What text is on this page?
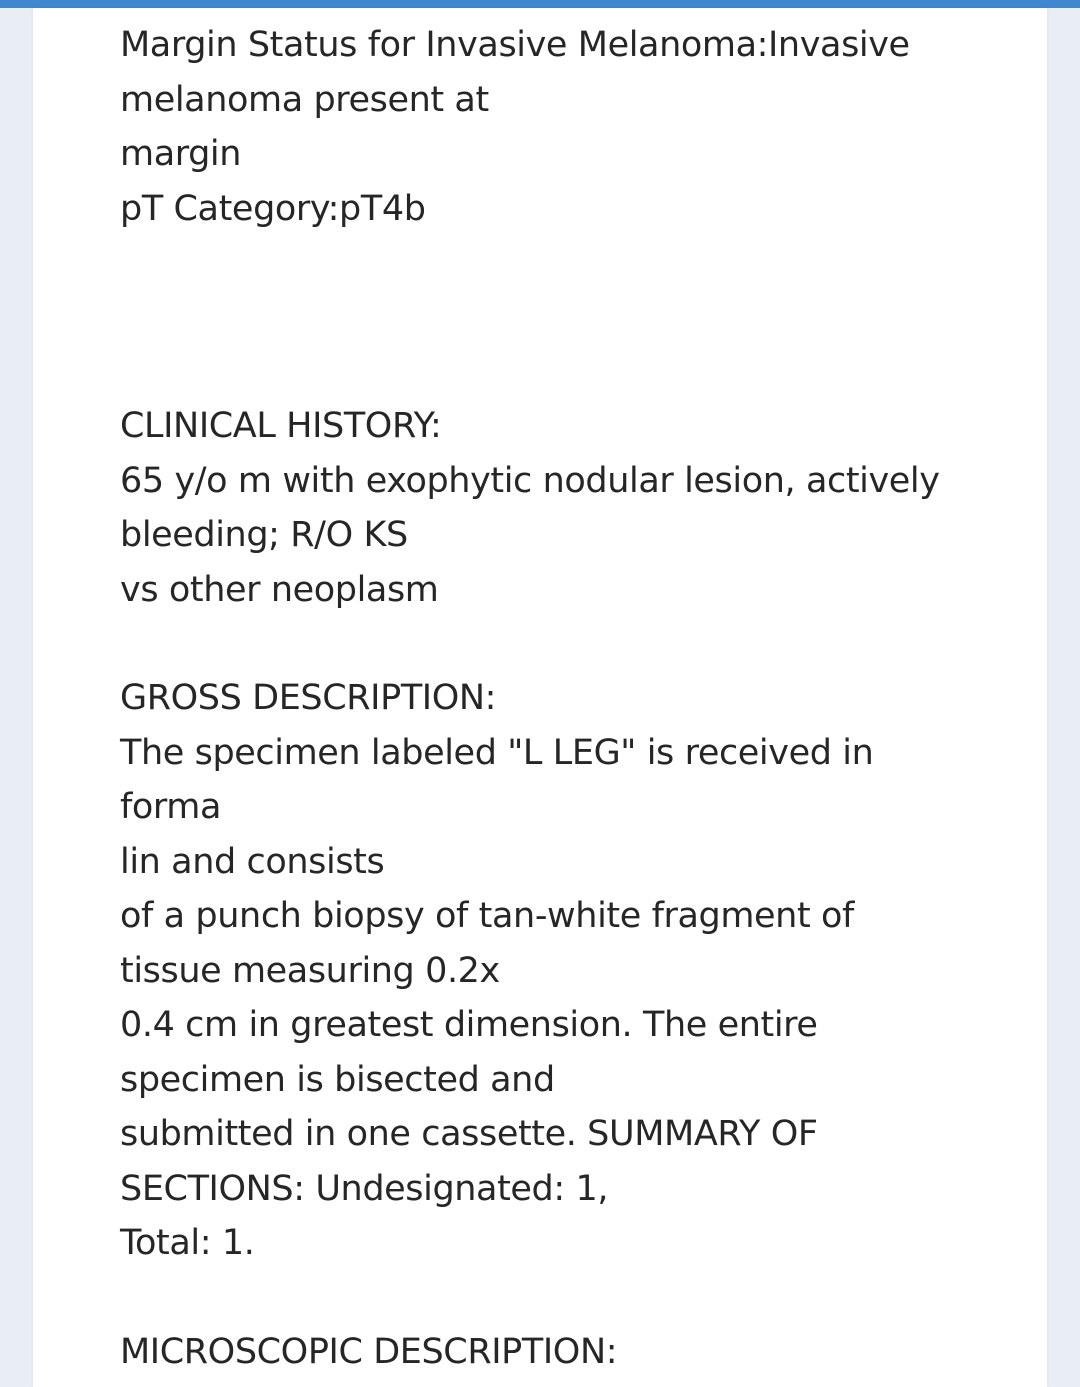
Margin Status for Invasive Melanoma:Invasive
melanoma present at
margin
pT Category:pT4b
CLINICAL HISTORY:
65 y/o m with exophytic nodular lesion, actively
bleeding; R/O KS
vs other neoplasm
GROSS DESCRIPTION:
The specimen labeled "L LEG" is received in
forma
lin and consists
of a punch biopsy of tan-white fragment of
tissue measuring 0.2x
0.4 cm in greatest dimension. The entire
specimen is bisected and
submitted in one cassette. SUMMARY OF
SECTIONS: Undesignated: 1,
Total: 1.
MICROSCOPIC DESCRIPTION:
